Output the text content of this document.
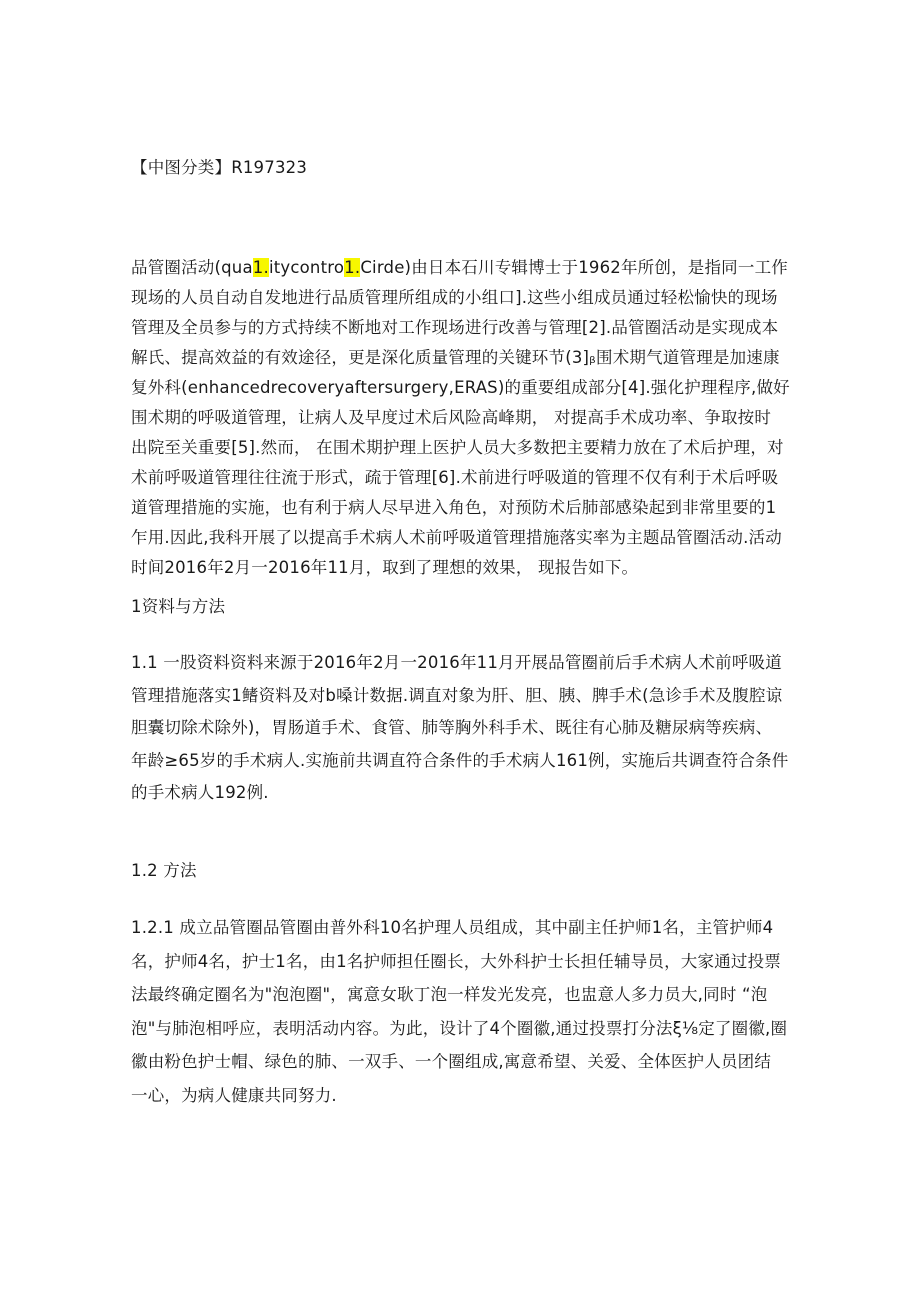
【中图分类】R197323
品管圈活动(qua1.itycontro1.Cirde)由日本石川专辑博士于1962年所创，是指同一工作
现场的人员自动自发地进行品质管理所组成的小组口].这些小组成员通过轻松愉快的现场
管理及全员参与的方式持续不断地对工作现场进行改善与管理[2].品管圈活动是实现成本
解氏、提高效益的有效途径，更是深化质量管理的关键环节(3]ᵦ围术期气道管理是加速康
复外科(enhancedrecoveryaftersurgery,ERAS)的重要组成部分[4].强化护理程序,做好
围术期的呼吸道管理，让病人及早度过术后风险高峰期， 对提高手术成功率、争取按时
出院至关重要[5].然而， 在围术期护理上医护人员大多数把主要精力放在了术后护理，对
术前呼吸道管理往往流于形式，疏于管理[6].术前进行呼吸道的管理不仅有利于术后呼吸
道管理措施的实施，也有利于病人尽早进入角色，对预防术后肺部感染起到非常里要的1
乍用.因此,我科开展了以提高手术病人术前呼吸道管理措施落实率为主题品管圈活动.活动
时间2016年2月一2016年11月，取到了理想的效果， 现报告如下。
1资料与方法
1.1 一股资料资料来源于2016年2月一2016年11月开展品管圈前后手术病人术前呼吸道
管理措施落实1鳍资料及对b嗓计数据.调直对象为肝、胆、胰、脾手术(急诊手术及腹腔谅
胆囊切除术除外)，胃肠道手术、食管、肺等胸外科手术、既往有心肺及糖尿病等疾病、
年龄≥65岁的手术病人.实施前共调直符合条件的手术病人161例，实施后共调查符合条件
的手术病人192例.
1.2 方法
1.2.1 成立品管圈品管圈由普外科10名护理人员组成，其中副主任护师1名，主管护师4
名，护师4名，护士1名，由1名护师担任圈长，大外科护士长担任辅导员，大家通过投票
法最终确定圈名为"泡泡圈"，寓意女耿丁泡一样发光发亮，也盅意人多力员大,同时 “泡
泡"与肺泡相呼应，表明活动内容。为此，设计了4个圈徽,通过投票打分法ξ⅛定了圈徽,圈
徽由粉色护士帽、绿色的肺、一双手、一个圈组成,寓意希望、关爱、全体医护人员团结
一心，为病人健康共同努力.
